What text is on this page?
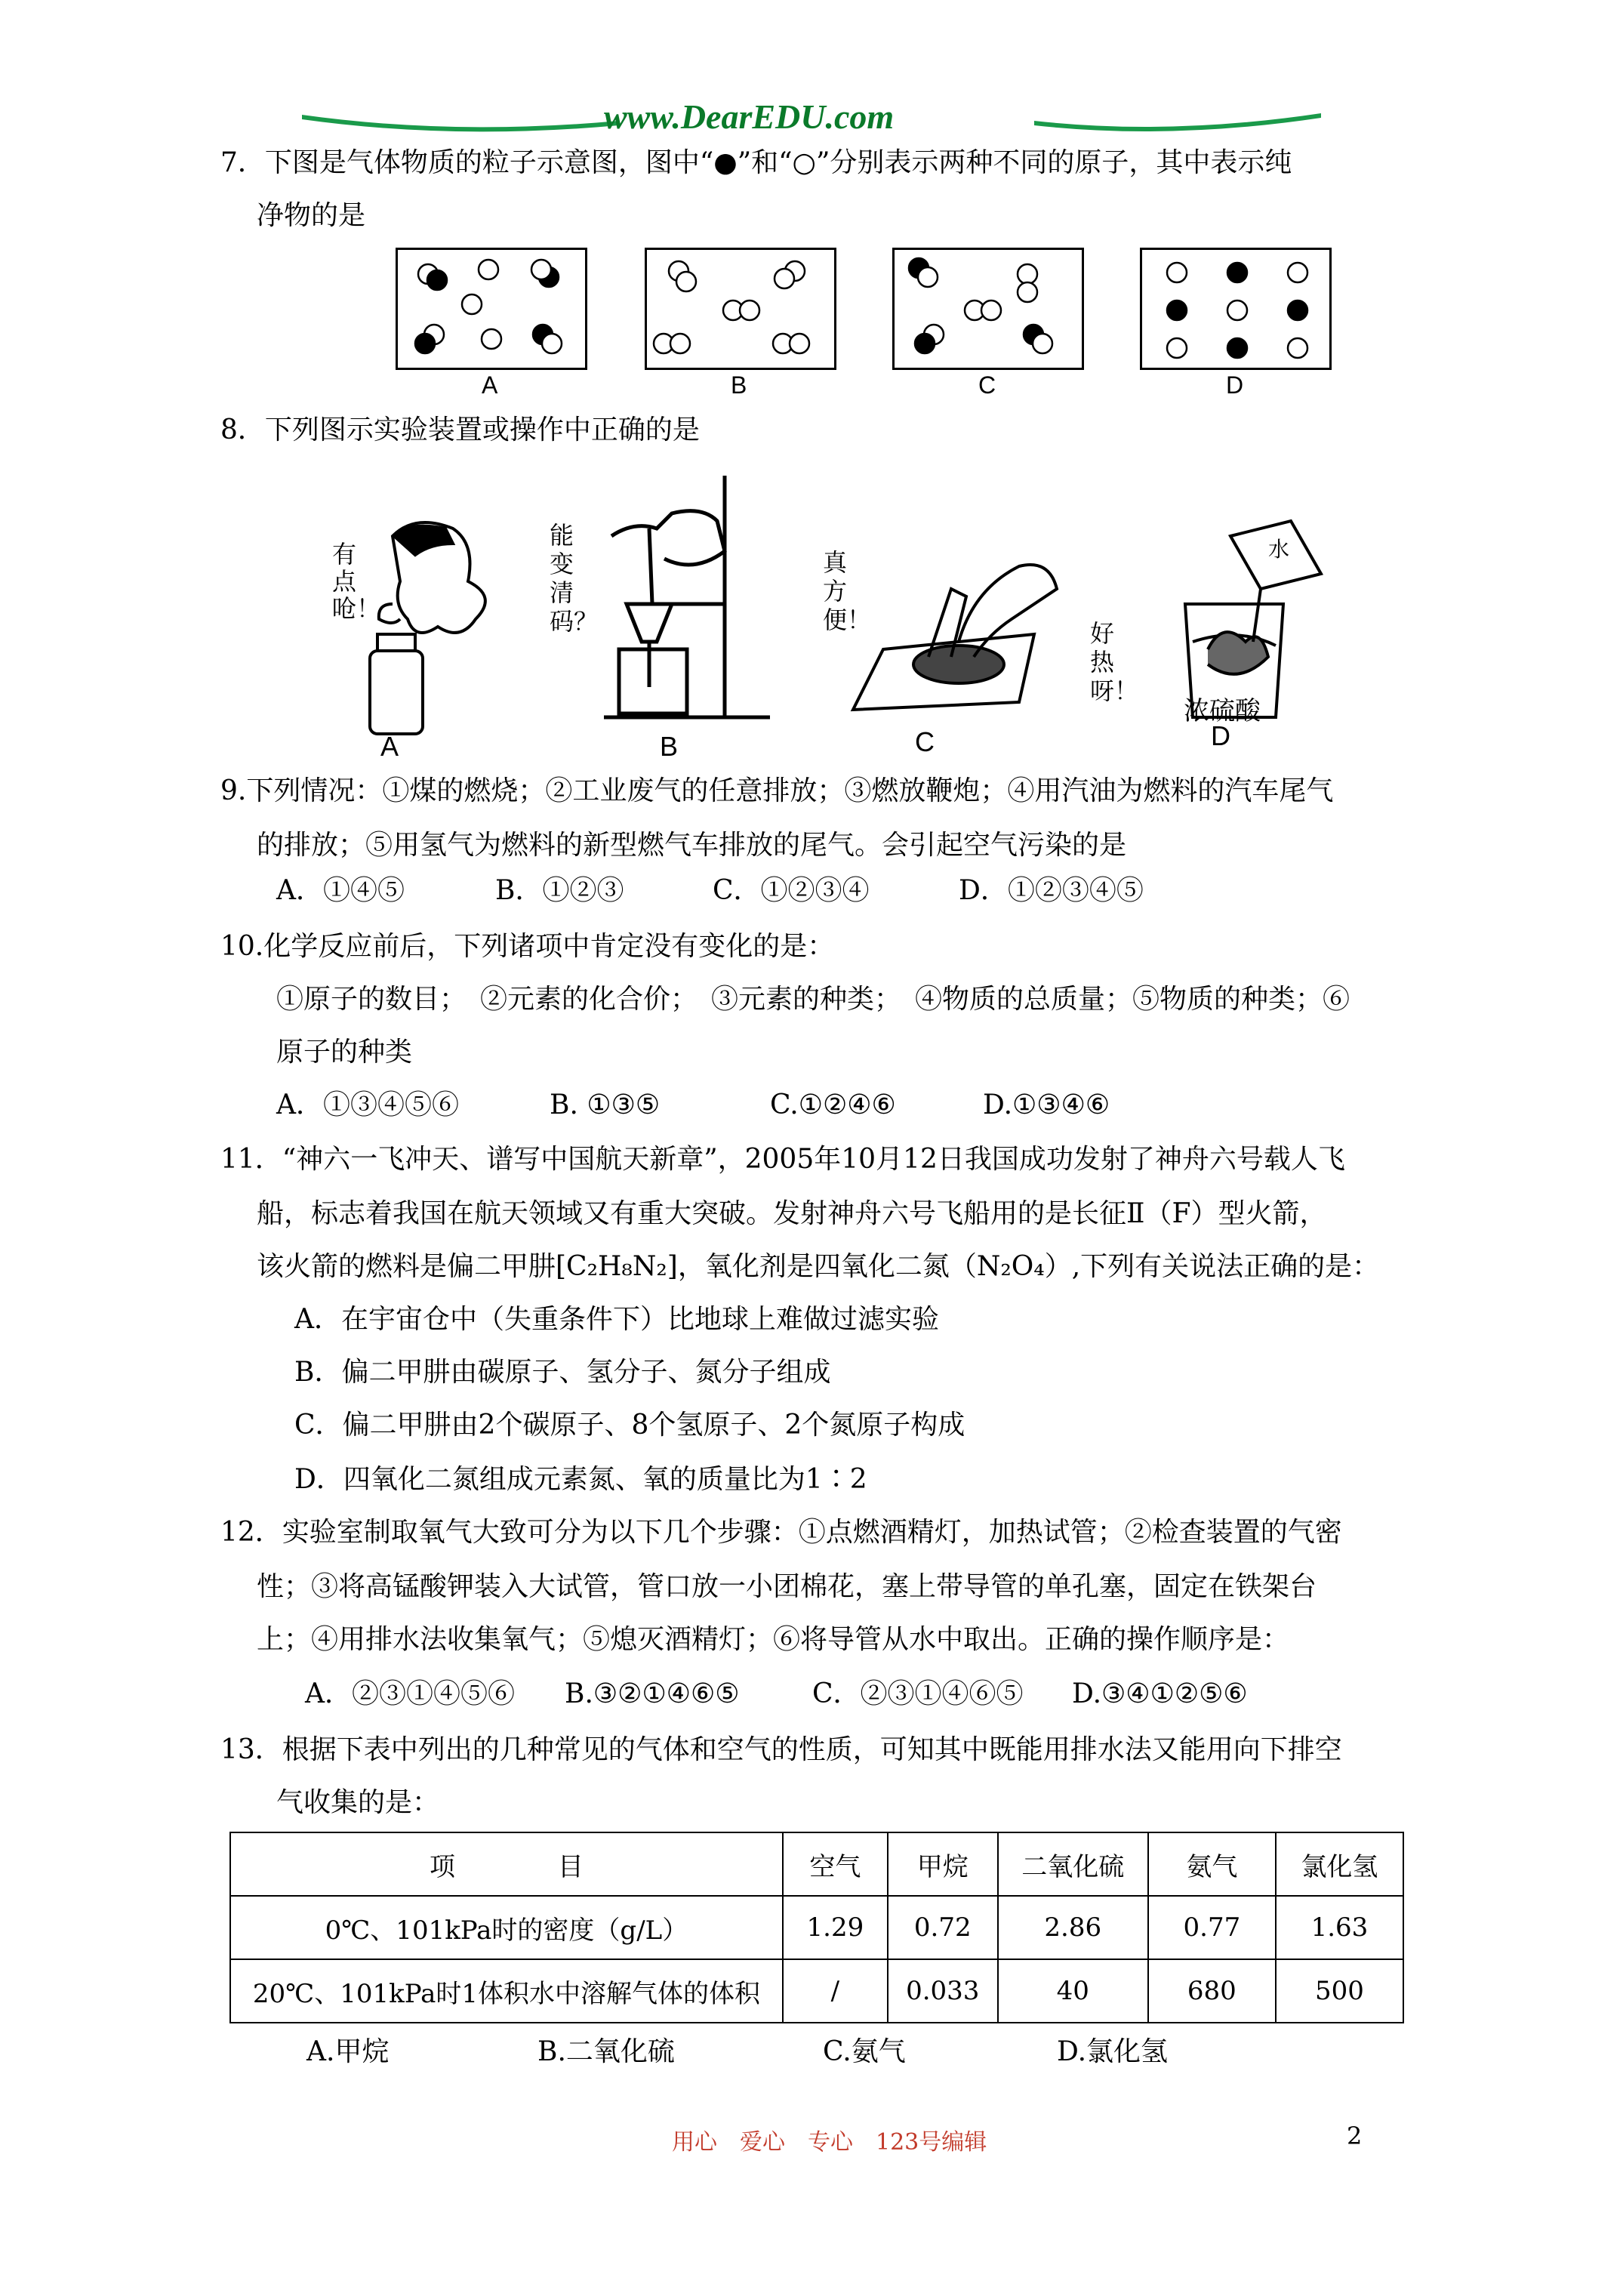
www.DearEDU.com
7．下图是气体物质的粒子示意图，图中“●”和“○”分别表示两种不同的原子，其中表示纯
净物的是
A	B	C	D
8．下列图示实验装置或操作中正确的是
有点呛！
能变清码？
真方便！	好热呀！
水
浓硫酸
A	B	C	D
9.下列情况：①煤的燃烧；②工业废气的任意排放；③燃放鞭炮；④用汽油为燃料的汽车尾气
的排放；⑤用氢气为燃料的新型燃气车排放的尾气。会引起空气污染的是
A．①④⑤	B．①②③	C．①②③④	D．①②③④⑤
10.化学反应前后，下列诸项中肯定没有变化的是：
①原子的数目；　②元素的化合价；　③元素的种类；　④物质的总质量；⑤物质的种类；⑥
原子的种类
A．①③④⑤⑥	B. ①③⑤	C.①②④⑥	D.①③④⑥
11．“神六一飞冲天、谱写中国航天新章”，2005年10月12日我国成功发射了神舟六号载人飞
船，标志着我国在航天领域又有重大突破。发射神舟六号飞船用的是长征Ⅱ（F）型火箭，
该火箭的燃料是偏二甲肼[C₂H₈N₂]，氧化剂是四氧化二氮（N₂O₄）,下列有关说法正确的是：
A．在宇宙仓中（失重条件下）比地球上难做过滤实验
B．偏二甲肼由碳原子、氢分子、氮分子组成
C．偏二甲肼由2个碳原子、8个氢原子、2个氮原子构成
D．四氧化二氮组成元素氮、氧的质量比为1∶2
12．实验室制取氧气大致可分为以下几个步骤：①点燃酒精灯，加热试管；②检查装置的气密
性；③将高锰酸钾装入大试管，管口放一小团棉花，塞上带导管的单孔塞，固定在铁架台
上；④用排水法收集氧气；⑤熄灭酒精灯；⑥将导管从水中取出。正确的操作顺序是：
A．②③①④⑤⑥ B.③②①④⑥⑤	C．②③①④⑥⑤ D.③④①②⑤⑥
13．根据下表中列出的几种常见的气体和空气的性质，可知其中既能用排水法又能用向下排空
气收集的是：
项　　　　目	空气	甲烷	二氧化硫	氨气	氯化氢
0℃、101kPa时的密度（g/L）	1.29	0.72	2.86	0.77	1.63
20℃、101kPa时1体积水中溶解气体的体积	/	0.033	40	680	500
A.甲烷	B.二氧化硫	C.氨气	D.氯化氢
用心　爱心　专心　123号编辑	2
